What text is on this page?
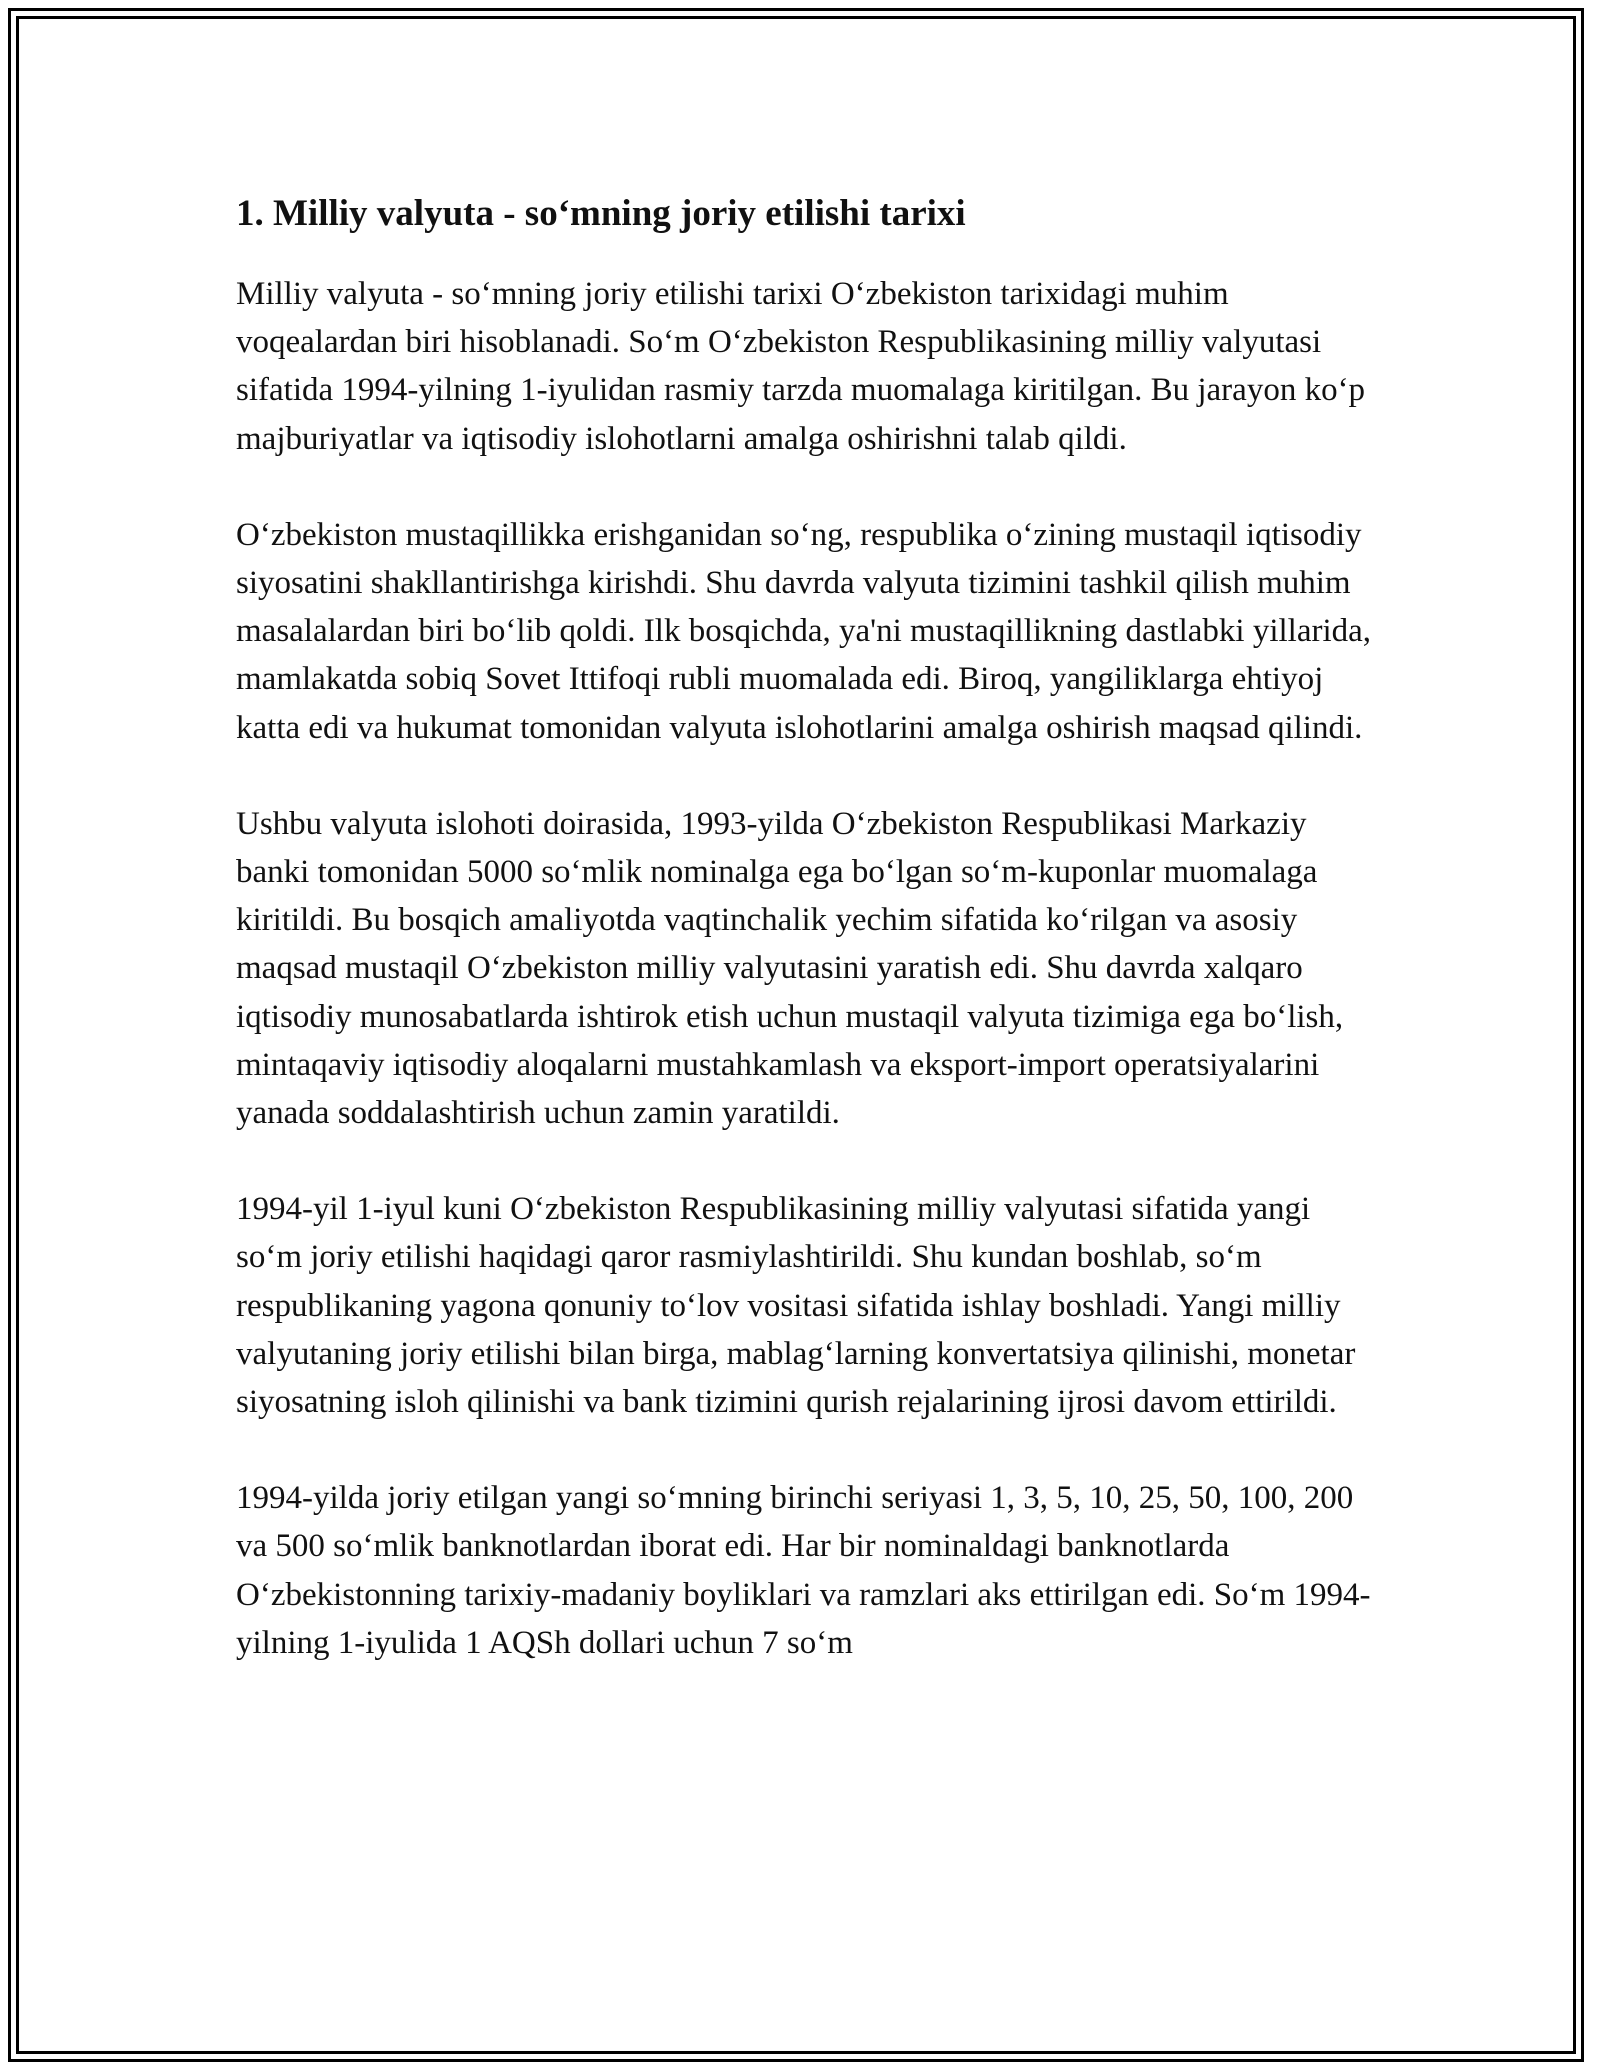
1. Milliy valyuta - so‘mning joriy etilishi tarixi

Milliy valyuta - so‘mning joriy etilishi tarixi O‘zbekiston tarixidagi muhim voqealardan biri hisoblanadi. So‘m O‘zbekiston Respublikasining milliy valyutasi sifatida 1994-yilning 1-iyulidan rasmiy tarzda muomalaga kiritilgan. Bu jarayon ko‘p majburiyatlar va iqtisodiy islohotlarni amalga oshirishni talab qildi.

O‘zbekiston mustaqillikka erishganidan so‘ng, respublika o‘zining mustaqil iqtisodiy siyosatini shakllantirishga kirishdi. Shu davrda valyuta tizimini tashkil qilish muhim masalalardan biri bo‘lib qoldi. Ilk bosqichda, ya'ni mustaqillikning dastlabki yillarida, mamlakatda sobiq Sovet Ittifoqi rubli muomalada edi. Biroq, yangiliklarga ehtiyoj katta edi va hukumat tomonidan valyuta islohotlarini amalga oshirish maqsad qilindi.

Ushbu valyuta islohoti doirasida, 1993-yilda O‘zbekiston Respublikasi Markaziy banki tomonidan 5000 so‘mlik nominalga ega bo‘lgan so‘m-kuponlar muomalaga kiritildi. Bu bosqich amaliyotda vaqtinchalik yechim sifatida ko‘rilgan va asosiy maqsad mustaqil O‘zbekiston milliy valyutasini yaratish edi. Shu davrda xalqaro iqtisodiy munosabatlarda ishtirok etish uchun mustaqil valyuta tizimiga ega bo‘lish, mintaqaviy iqtisodiy aloqalarni mustahkamlash va eksport-import operatsiyalarini yanada soddalashtirish uchun zamin yaratildi.

1994-yil 1-iyul kuni O‘zbekiston Respublikasining milliy valyutasi sifatida yangi so‘m joriy etilishi haqidagi qaror rasmiylashtirildi. Shu kundan boshlab, so‘m respublikaning yagona qonuniy to‘lov vositasi sifatida ishlay boshladi. Yangi milliy valyutaning joriy etilishi bilan birga, mablag‘larning konvertatsiya qilinishi, monetar siyosatning isloh qilinishi va bank tizimini qurish rejalarining ijrosi davom ettirildi.

1994-yilda joriy etilgan yangi so‘mning birinchi seriyasi 1, 3, 5, 10, 25, 50, 100, 200 va 500 so‘mlik banknotlardan iborat edi. Har bir nominaldagi banknotlarda O‘zbekistonning tarixiy-madaniy boyliklari va ramzlari aks ettirilgan edi. So‘m 1994-yilning 1-iyulida 1 AQSh dollari uchun 7 so‘m
